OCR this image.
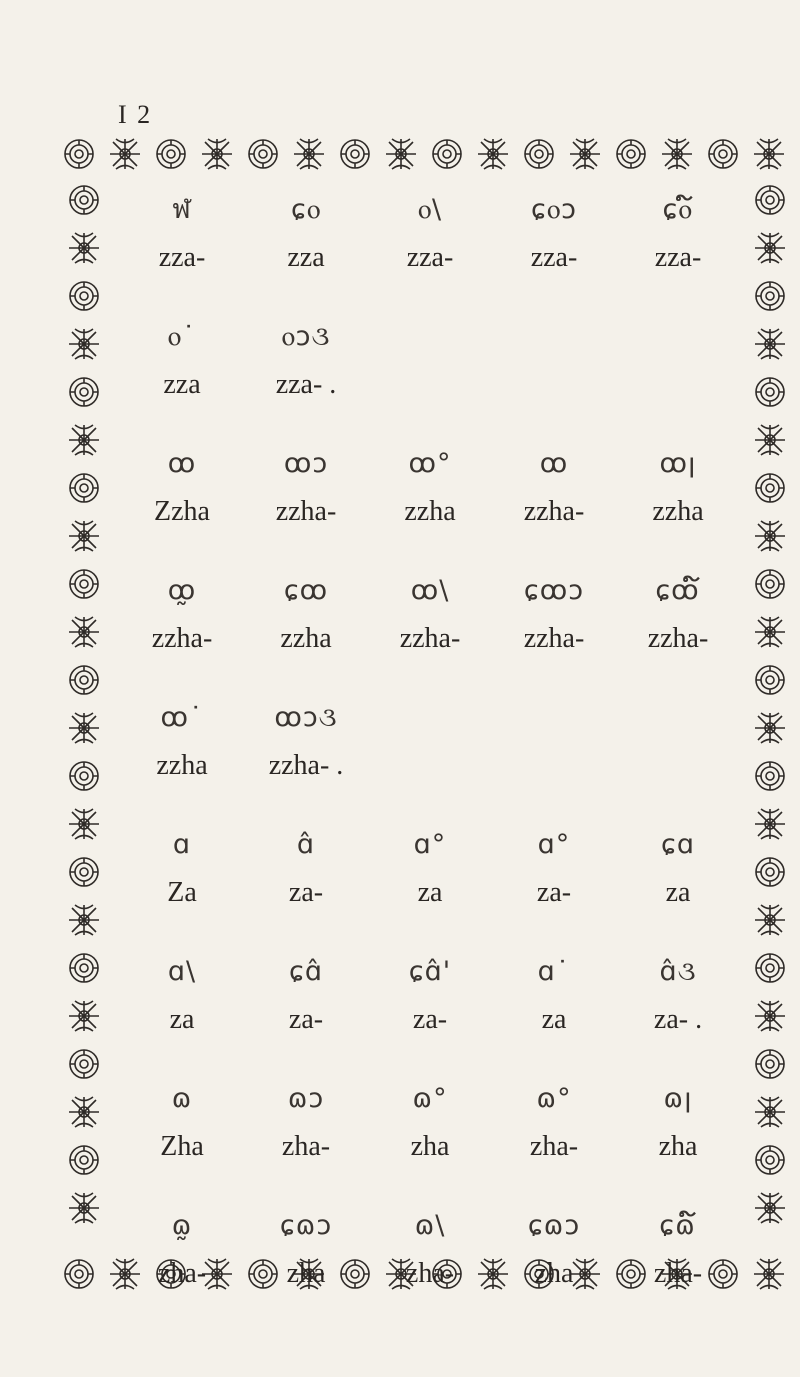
I 2
ฬ
zza-
ɕⲟ
zza
ⲟ\
zza-
ɕⲟɔ
zza-
ɕⲟ໌
zza-
ⲟ˙
zza
ⲟɔ૩
zza- .
ꝏ
Zzha
ꝏɔ
zzha-
ꝏ°
zzha
ꝏ
zzha-
ꝏꞁ
zzha
ꝏ̰
zzha-
ɕꝏ
zzha
ꝏ\
zzha-
ɕꝏɔ
zzha-
ɕꝏ໌
zzha-
ꝏ˙
zzha
ꝏɔ૩
zzha- .
ɑ
Za
ɑ̂
za-
ɑ°
za
ɑ°
za-
ɕɑ
za
ɑ\
za
ɕɑ̂
za-
ɕɑ̂'
za-
ɑ˙
za
ɑ̂૩
za- .
ɷ
Zha
ɷɔ
zha-
ɷ°
zha
ɷ°
zha-
ɷꞁ
zha
ɷ̰
zha-
ɕɷɔ
zha
ɷ\
zha-
ɕɷɔ
zha
ɕɷ໌
zha-
